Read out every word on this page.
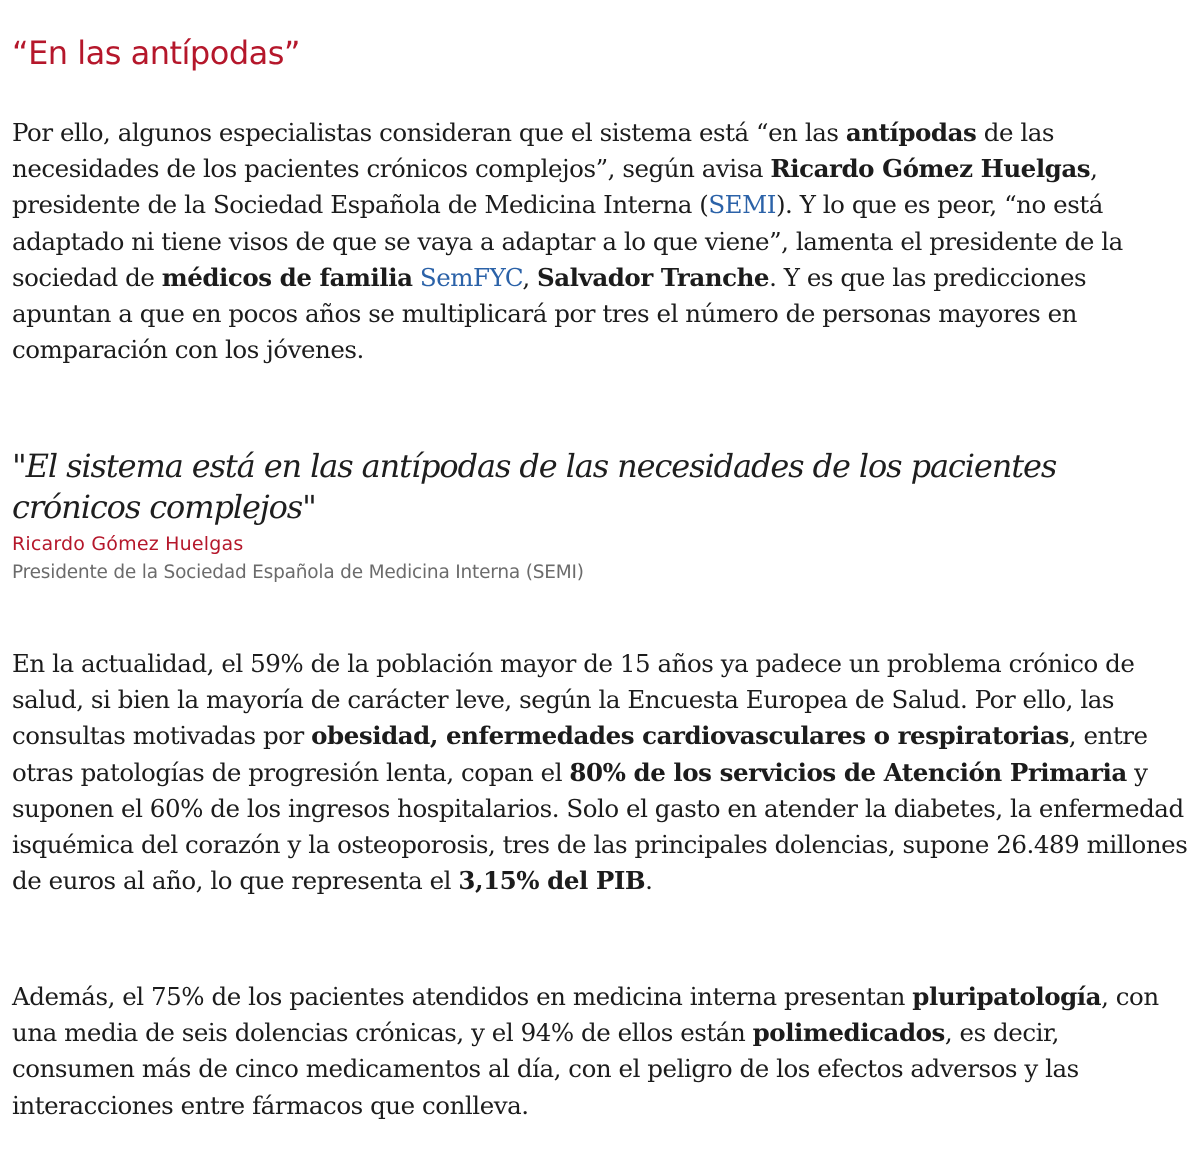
“En las antípodas”

Por ello, algunos especialistas consideran que el sistema está “en las antípodas de las necesidades de los pacientes crónicos complejos”, según avisa Ricardo Gómez Huelgas, presidente de la Sociedad Española de Medicina Interna (SEMI). Y lo que es peor, “no está adaptado ni tiene visos de que se vaya a adaptar a lo que viene”, lamenta el presidente de la sociedad de médicos de familia SemFYC, Salvador Tranche. Y es que las predicciones apuntan a que en pocos años se multiplicará por tres el número de personas mayores en comparación con los jóvenes.

"El sistema está en las antípodas de las necesidades de los pacientes crónicos complejos"

Ricardo Gómez Huelgas

Presidente de la Sociedad Española de Medicina Interna (SEMI)

En la actualidad, el 59% de la población mayor de 15 años ya padece un problema crónico de salud, si bien la mayoría de carácter leve, según la Encuesta Europea de Salud. Por ello, las consultas motivadas por obesidad, enfermedades cardiovasculares o respiratorias, entre otras patologías de progresión lenta, copan el 80% de los servicios de Atención Primaria y suponen el 60% de los ingresos hospitalarios. Solo el gasto en atender la diabetes, la enfermedad isquémica del corazón y la osteoporosis, tres de las principales dolencias, supone 26.489 millones de euros al año, lo que representa el 3,15% del PIB.

Además, el 75% de los pacientes atendidos en medicina interna presentan pluripatología, con una media de seis dolencias crónicas, y el 94% de ellos están polimedicados, es decir, consumen más de cinco medicamentos al día, con el peligro de los efectos adversos y las interacciones entre fármacos que conlleva.
